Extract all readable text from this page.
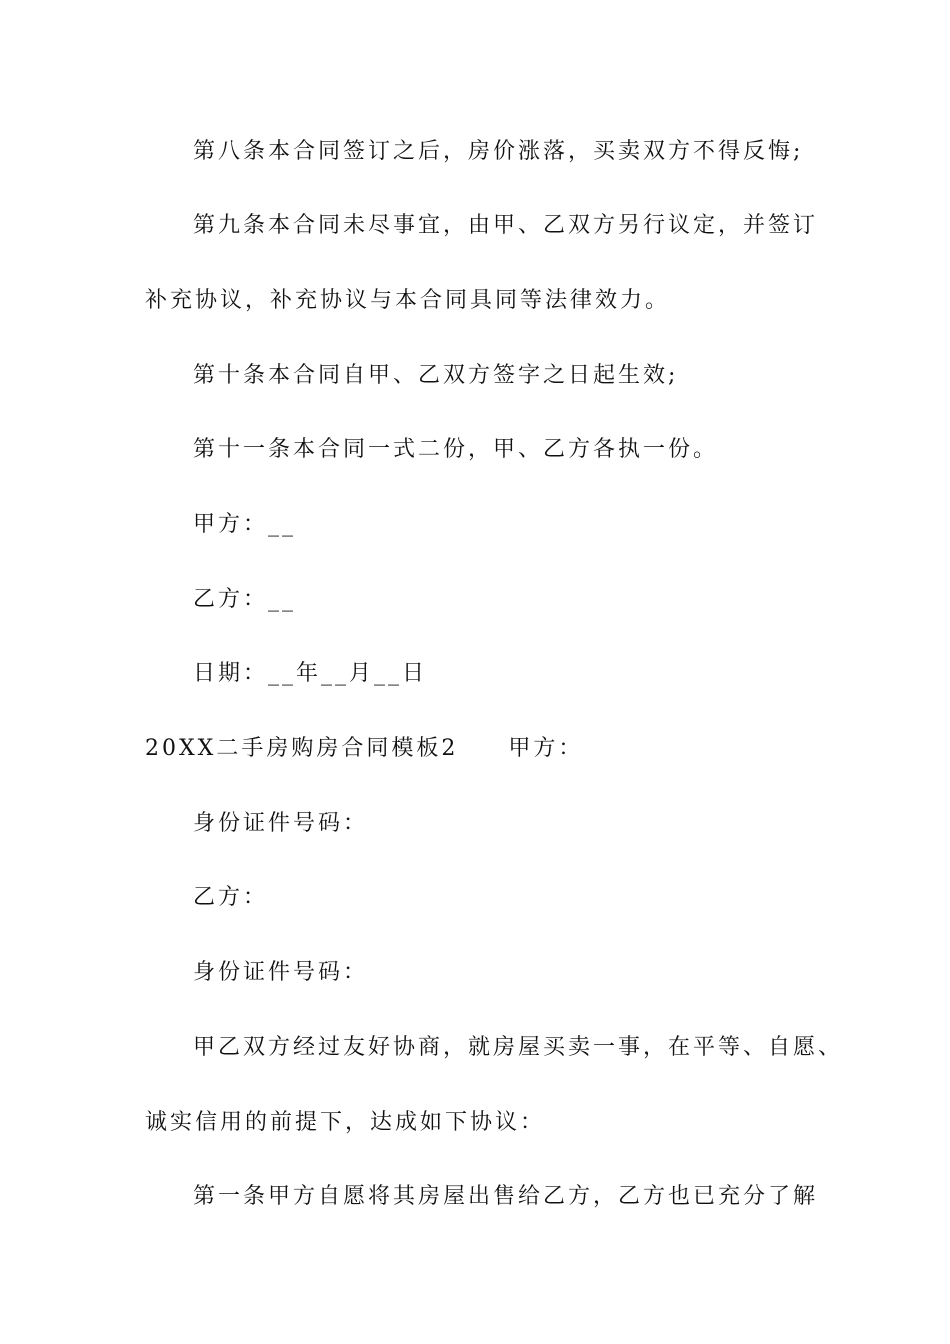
第八条本合同签订之后，房价涨落，买卖双方不得反悔;
第九条本合同未尽事宜，由甲、乙双方另行议定，并签订
补充协议，补充协议与本合同具同等法律效力。
第十条本合同自甲、乙双方签字之日起生效;
第十一条本合同一式二份，甲、乙方各执一份。
甲方：__
乙方：__
日期：__年__月__日
20XX二手房购房合同模板2 甲方：
身份证件号码：
乙方：
身份证件号码：
甲乙双方经过友好协商，就房屋买卖一事，在平等、自愿、
诚实信用的前提下，达成如下协议：
第一条甲方自愿将其房屋出售给乙方，乙方也已充分了解
